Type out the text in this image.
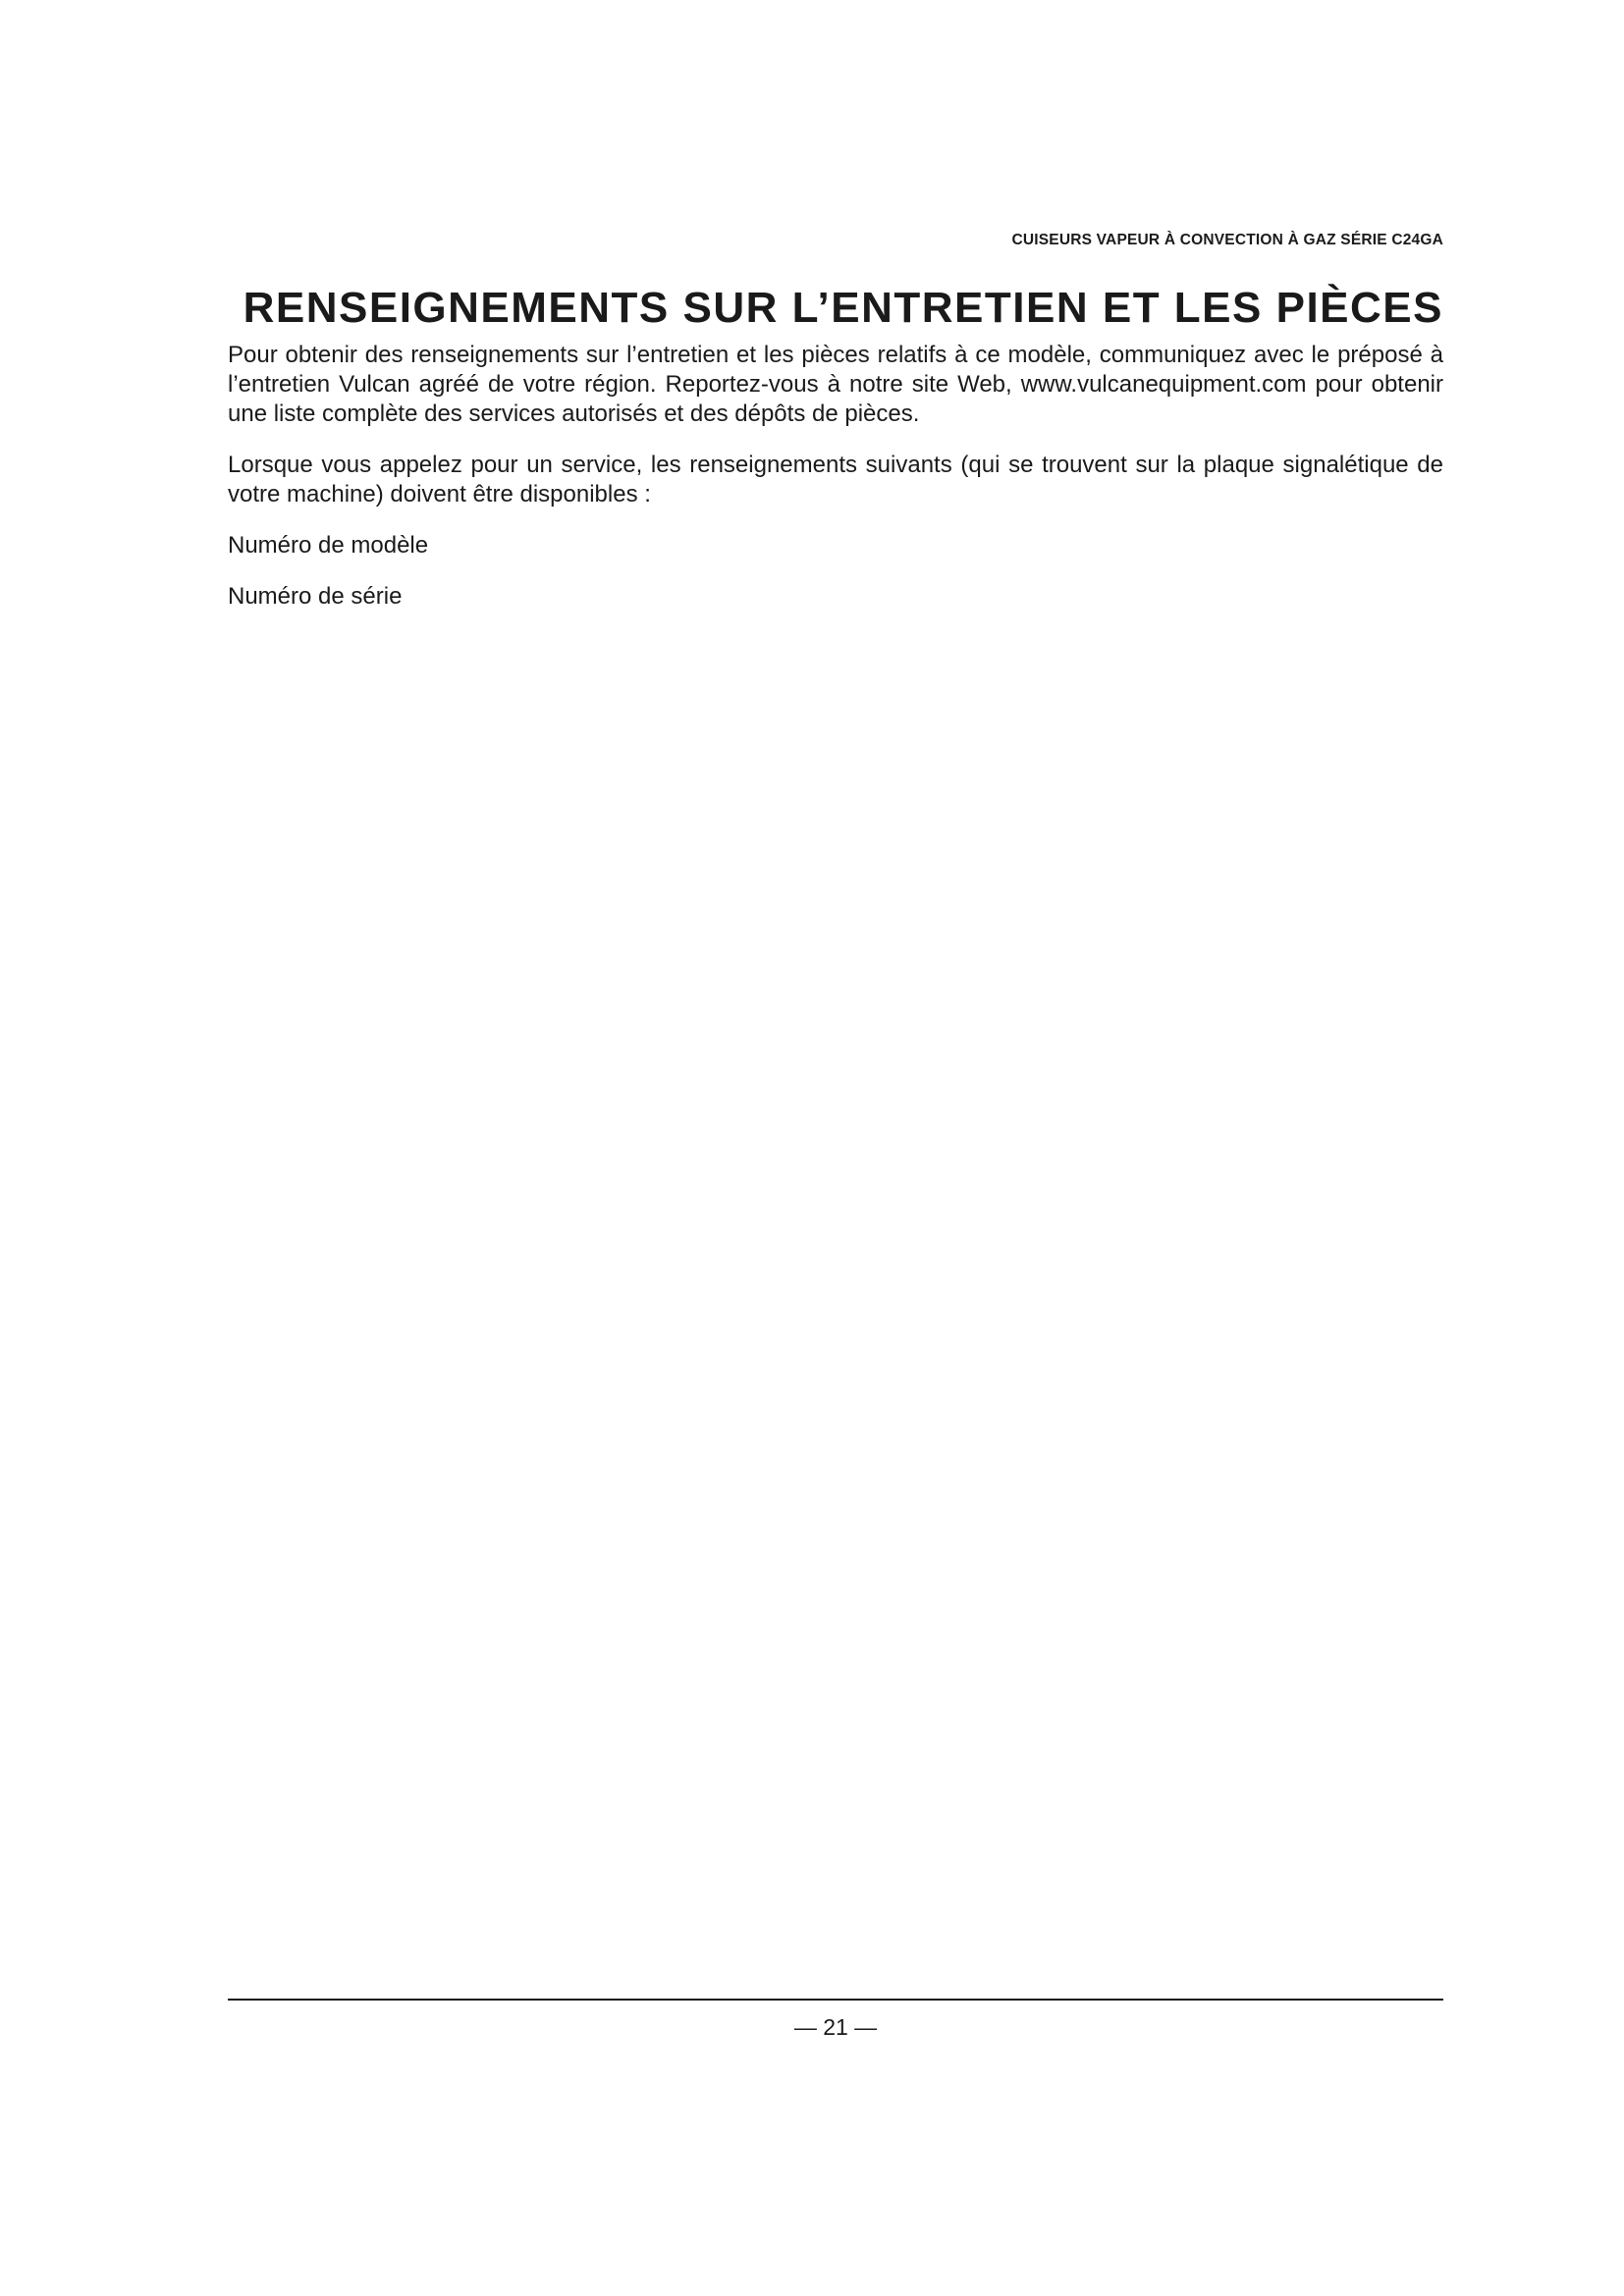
CUISEURS VAPEUR À CONVECTION À GAZ SÉRIE C24GA
RENSEIGNEMENTS SUR L’ENTRETIEN ET LES PIÈCES

Pour obtenir des renseignements sur l’entretien et les pièces relatifs à ce modèle, communiquez avec le préposé à l’entretien Vulcan agréé de votre région. Reportez-vous à notre site Web, www.vulcanequipment.com pour obtenir une liste complète des services autorisés et des dépôts de pièces.

Lorsque vous appelez pour un service, les renseignements suivants (qui se trouvent sur la plaque signalétique de votre machine) doivent être disponibles :

Numéro de modèle

Numéro de série

— 21 —
